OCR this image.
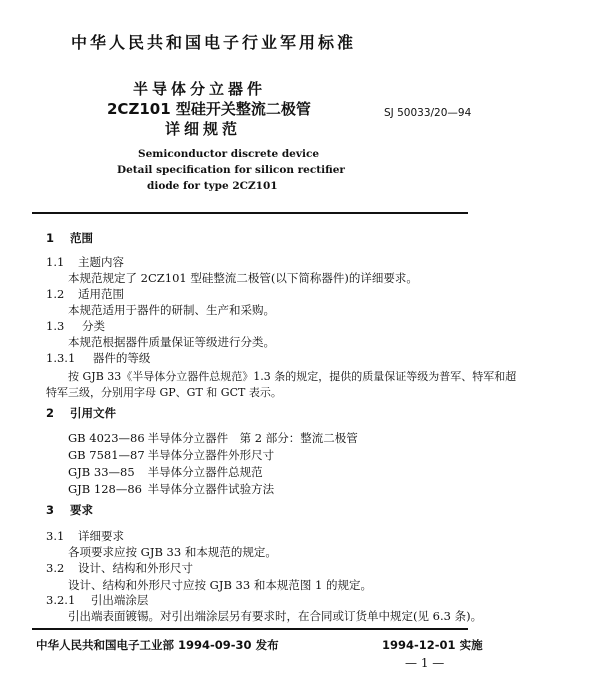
中华人民共和国电子行业军用标准
半导体分立器件
2CZ101 型硅开关整流二极管
详细规范
SJ 50033/20—94
Semiconductor discrete device
Detail specification for silicon rectifier
diode for type 2CZ101
1 范围
1.1 主题内容
本规范规定了 2CZ101 型硅整流二极管(以下简称器件)的详细要求。
1.2 适用范围
本规范适用于器件的研制、生产和采购。
1.3 分类
本规范根据器件质量保证等级进行分类。
1.3.1 器件的等级
按 GJB 33《半导体分立器件总规范》1.3 条的规定，提供的质量保证等级为普军、特军和超
特军三级，分别用字母 GP、GT 和 GCT 表示。
2 引用文件
GB 4023—86 半导体分立器件　第 2 部分：整流二极管
GB 7581—87 半导体分立器件外形尺寸
GJB 33—85 半导体分立器件总规范
GJB 128—86 半导体分立器件试验方法
3 要求
3.1 详细要求
各项要求应按 GJB 33 和本规范的规定。
3.2 设计、结构和外形尺寸
设计、结构和外形尺寸应按 GJB 33 和本规范图 1 的规定。
3.2.1 引出端涂层
引出端表面镀锡。对引出端涂层另有要求时，在合同或订货单中规定(见 6.3 条)。
中华人民共和国电子工业部 1994-09-30 发布	1994-12-01 实施
— 1 —
